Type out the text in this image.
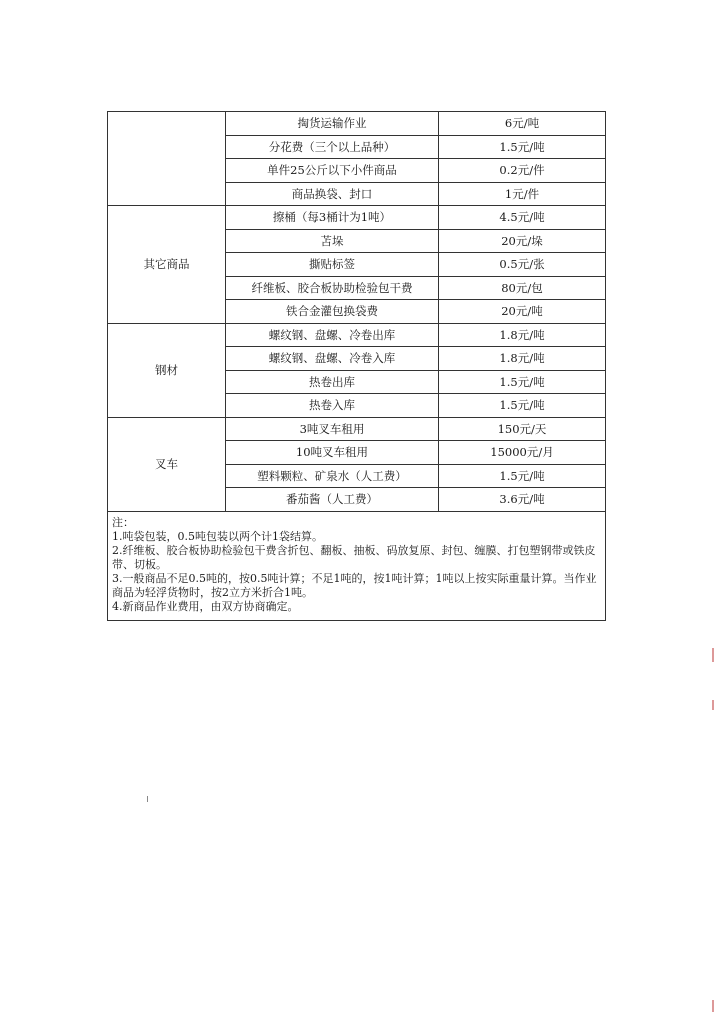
	掏货运输作业	6元/吨
	分花费（三个以上品种）	1.5元/吨
	单件25公斤以下小件商品	0.2元/件
	商品换袋、封口	1元/件
其它商品	擦桶（每3桶计为1吨）	4.5元/吨
	苫垛	20元/垛
	撕贴标签	0.5元/张
	纤维板、胶合板协助检验包干费	80元/包
	铁合金灌包换袋费	20元/吨
钢材	螺纹钢、盘螺、冷卷出库	1.8元/吨
	螺纹钢、盘螺、冷卷入库	1.8元/吨
	热卷出库	1.5元/吨
	热卷入库	1.5元/吨
叉车	3吨叉车租用	150元/天
	10吨叉车租用	15000元/月
	塑料颗粒、矿泉水（人工费）	1.5元/吨
	番茄酱（人工费）	3.6元/吨

注：
1.吨袋包装，0.5吨包装以两个计1袋结算。
2.纤维板、胶合板协助检验包干费含折包、翻板、抽板、码放复原、封包、缠膜、打包塑钢带或铁皮带、切板。
3.一般商品不足0.5吨的，按0.5吨计算；不足1吨的，按1吨计算；1吨以上按实际重量计算。当作业商品为轻浮货物时，按2立方米折合1吨。
4.新商品作业费用，由双方协商确定。		
